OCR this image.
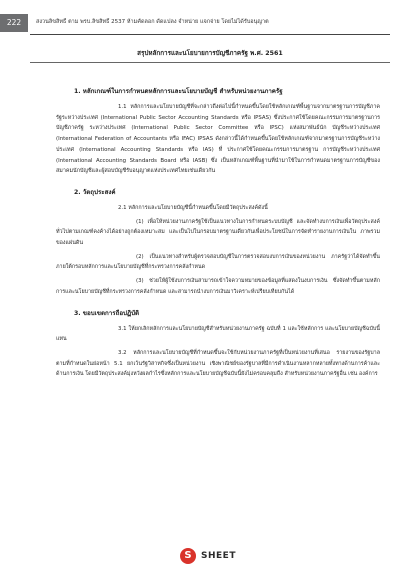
222	สงวนลิขสิทธิ์ ตาม พรบ.ลิขสิทธิ์ 2537 ห้ามคัดลอก ดัดแปลง จำหน่าย แจกจ่าย โดยไม่ได้รับอนุญาต
สรุปหลักการและนโยบายการบัญชีภาครัฐ พ.ศ. 2561
1. หลักเกณฑ์ในการกำหนดหลักการและนโยบายบัญชี สำหรับหน่วยงานภาครัฐ

1.1 หลักการและนโยบายบัญชีที่จะกล่าวถึงต่อไปนี้กำหนดขึ้นโดยใช้หลักเกณฑ์พื้นฐานจากมาตรฐานการบัญชีภาครัฐระหว่างประเทศ (International Public Sector Accounting Standards หรือ IPSAS) ซึ่งประกาศใช้โดยคณะกรรมการมาตรฐานการบัญชีภาครัฐ ระหว่างประเทศ (International Public Sector Committee หรือ IPSC) แห่งสมาพันธ์นัก บัญชีระหว่างประเทศ (International Federation of Accountants หรือ IFAC) IPSAS ดังกล่าวนี้ได้กำหนดขึ้นโดยใช้หลักเกณฑ์จากมาตรฐานการบัญชีระหว่างประเทศ (International Accounting Standards หรือ IAS) ที่ ประกาศใช้โดยคณะกรรมการมาตรฐาน การบัญชีระหว่างประเทศ (International Accounting Standards Board หรือ IASB) ซึ่ง เป็นหลักเกณฑ์พื้นฐานที่นำมาใช้ในการกำหนดมาตรฐานการบัญชีของสมาคมนักบัญชีและผู้สอบบัญชีรับอนุญาตแห่งประเทศไทยเช่นเดียวกัน

2. วัตถุประสงค์

2.1 หลักการและนโยบายบัญชีนี้กำหนดขึ้นโดยมีวัตถุประสงค์ดังนี้

(1) เพื่อให้หน่วยงานภาครัฐใช้เป็นแนวทางในการกำหนดระบบบัญชี และจัดทำงบการเงินเพื่อวัตถุประสงค์ทั่วไปตามเกณฑ์คงค้างได้อย่างถูกต้องเหมาะสม และเป็นไปในกรอบมาตรฐานเดียวกันเพื่อประโยชน์ในการจัดทำรายงานการเงินใน ภาพรวมของแผ่นดิน

(2) เป็นแนวทางสำหรับผู้ตรวจสอบบัญชีในการตรวจสอบงบการเงินของหน่วยงาน ภาครัฐว่าได้จัดทำขึ้นภายใต้กรอบหลักการและนโยบายบัญชีที่กระทรวงการคลังกำหนด

(3) ช่วยให้ผู้ใช้งบการเงินสามารถเข้าใจความหมายของข้อมูลที่แสดงในงบการเงิน ซึ่งจัดทำขึ้นตามหลักการและนโยบายบัญชีที่กระทรวงการคลังกำหนด และสามารถนำงบการเงินมาวิเคราะห์เปรียบเทียบกันได้

3. ขอบเขตการถือปฏิบัติ

3.1 ให้ยกเลิกหลักการและนโยบายบัญชีสำหรับหน่วยงานภาครัฐ ฉบับที่ 1 และใช้หลักการ และนโยบายบัญชีฉบับนี้แทน

3.2 หลักการและนโยบายบัญชีที่กำหนดขึ้นจะใช้กับหน่วยงานภาครัฐที่เป็นหน่วยงานที่เสนอ รายงานของรัฐบาล ตามที่กำหนดในย่อหน้า 5.1 ยกเว้นรัฐวิสาหกิจซึ่งเป็นหน่วยงาน เชิงพาณิชย์ของรัฐบาลที่มีการดำเนินงานหลากหลายทั้งทางด้านการค้าและด้านการเงิน โดยมีวัตถุประสงค์มุ่งหวังผลกำไรซึ่งหลักการและนโยบายบัญชีฉบับนี้ยังไม่ครอบคลุมถึง สำหรับหน่วยงานภาครัฐอื่น เช่น องค์การ

S	SHEET
